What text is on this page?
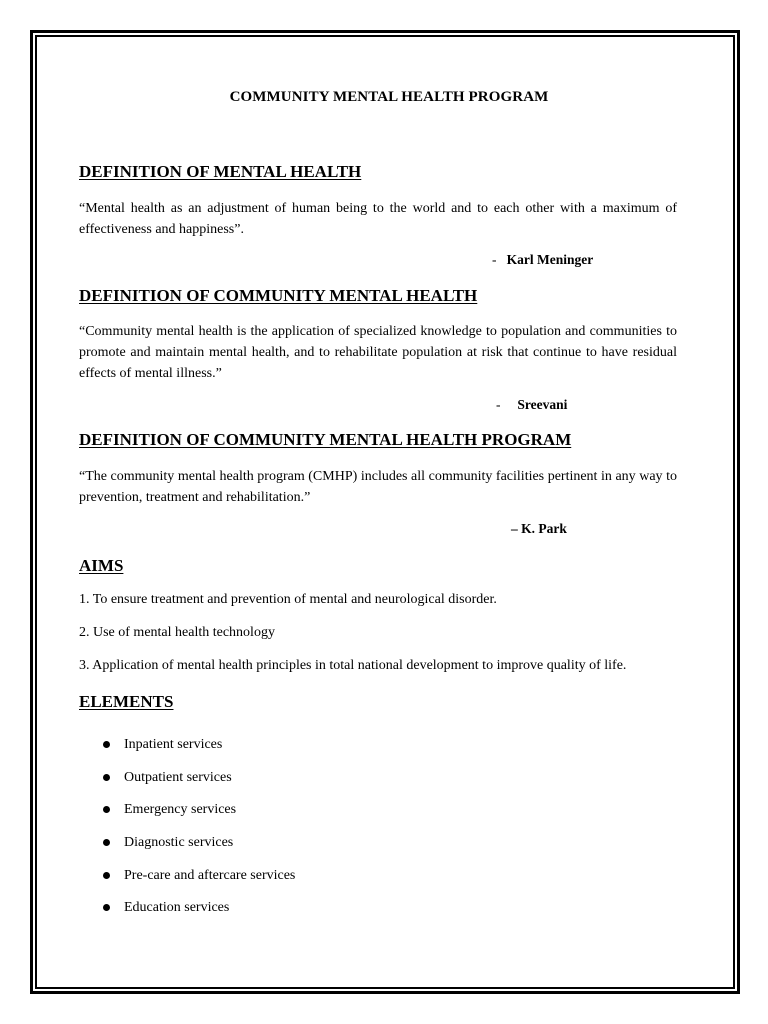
COMMUNITY MENTAL HEALTH PROGRAM
DEFINITION OF MENTAL HEALTH
“Mental health as an adjustment of human being to the world and to each other with a maximum of effectiveness and happiness”.
- Karl Meninger
DEFINITION OF COMMUNITY MENTAL HEALTH
“Community mental health is the application of specialized knowledge to population and communities to promote and maintain mental health, and to rehabilitate population at risk that continue to have residual effects of mental illness.”
- Sreevani
DEFINITION OF COMMUNITY MENTAL HEALTH PROGRAM
“The community mental health program (CMHP) includes all community facilities pertinent in any way to prevention, treatment and rehabilitation.”
– K. Park
AIMS
1. To ensure treatment and prevention of mental and neurological disorder.
2. Use of mental health technology
3. Application of mental health principles in total national development to improve quality of life.
ELEMENTS
Inpatient services
Outpatient services
Emergency services
Diagnostic services
Pre-care and aftercare services
Education services
